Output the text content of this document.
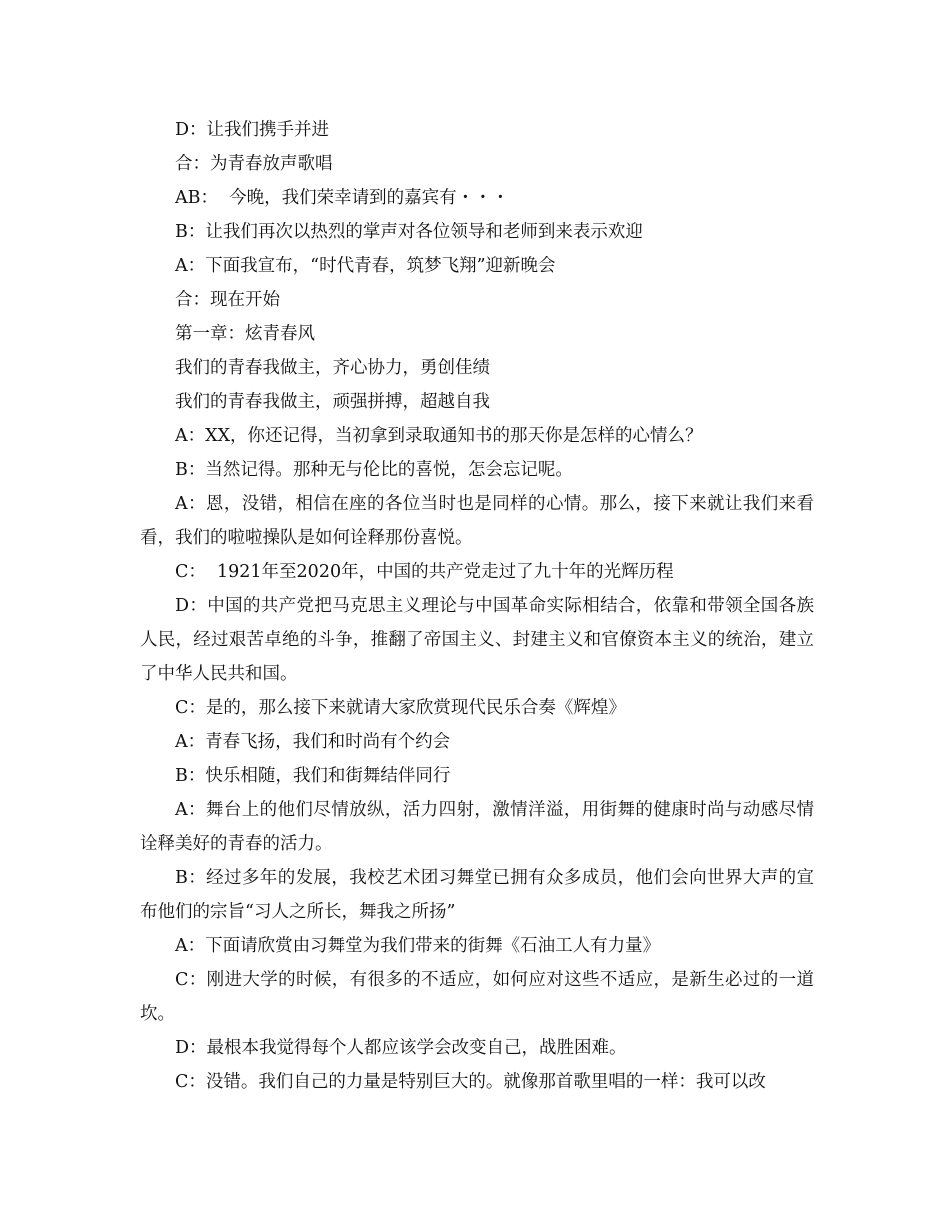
D：让我们携手并进

合：为青春放声歌唱

AB：  今晚，我们荣幸请到的嘉宾有・・・

B：让我们再次以热烈的掌声对各位领导和老师到来表示欢迎

A：下面我宣布，“时代青春，筑梦飞翔”迎新晚会

合：现在开始

第一章：炫青春风

我们的青春我做主，齐心协力，勇创佳绩

我们的青春我做主，顽强拼搏，超越自我

A：XX，你还记得，当初拿到录取通知书的那天你是怎样的心情么？

B：当然记得。那种无与伦比的喜悦，怎会忘记呢。

A：恩，没错，相信在座的各位当时也是同样的心情。那么，接下来就让我们来看看，我们的啦啦操队是如何诠释那份喜悦。

C：  1921年至2020年，中国的共产党走过了九十年的光辉历程

D：中国的共产党把马克思主义理论与中国革命实际相结合，依靠和带领全国各族人民，经过艰苦卓绝的斗争，推翻了帝国主义、封建主义和官僚资本主义的统治，建立了中华人民共和国。

C：是的，那么接下来就请大家欣赏现代民乐合奏《辉煌》

A：青春飞扬，我们和时尚有个约会

B：快乐相随，我们和街舞结伴同行

A：舞台上的他们尽情放纵，活力四射，激情洋溢，用街舞的健康时尚与动感尽情诠释美好的青春的活力。

B：经过多年的发展，我校艺术团习舞堂已拥有众多成员，他们会向世界大声的宣布他们的宗旨“习人之所长，舞我之所扬”

A：下面请欣赏由习舞堂为我们带来的街舞《石油工人有力量》

C：刚进大学的时候，有很多的不适应，如何应对这些不适应，是新生必过的一道坎。

D：最根本我觉得每个人都应该学会改变自己，战胜困难。

C：没错。我们自己的力量是特别巨大的。就像那首歌里唱的一样：我可以改
